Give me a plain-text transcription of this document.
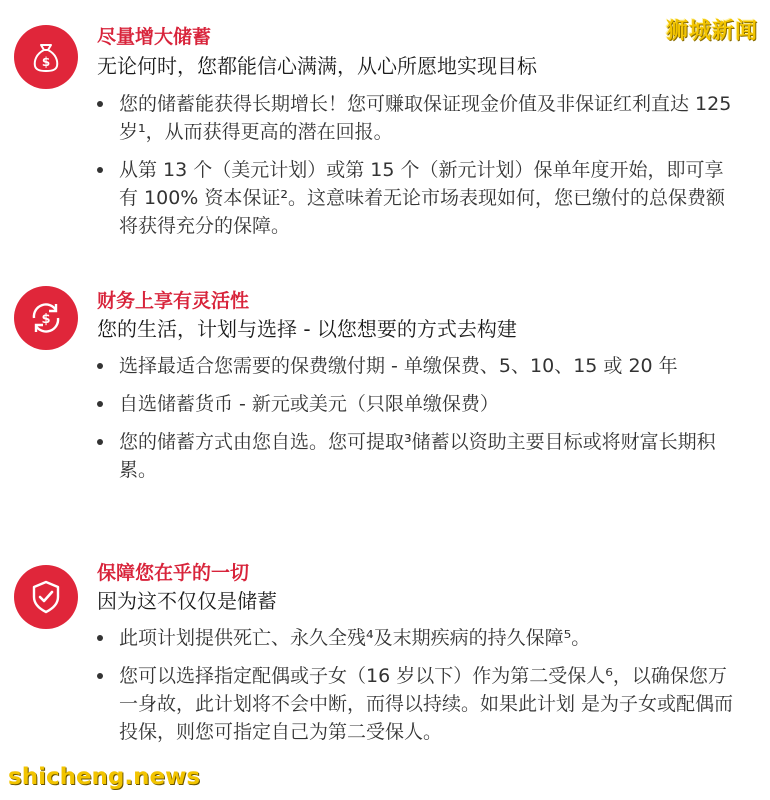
狮城新闻
$
尽量增大储蓄
无论何时，您都能信心满满，从心所愿地实现目标
您的储蓄能获得长期增长！您可赚取保证现金价值及非保证红利直达 125 岁¹，从而获得更高的潜在回报。
从第 13 个（美元计划）或第 15 个（新元计划）保单年度开始，即可享有 100% 资本保证²。这意味着无论市场表现如何，您已缴付的总保费额将获得充分的保障。
$
财务上享有灵活性
您的生活，计划与选择 - 以您想要的方式去构建
选择最适合您需要的保费缴付期 - 单缴保费、5、10、15 或 20 年
自选储蓄货币 - 新元或美元（只限单缴保费）
您的储蓄方式由您自选。您可提取³储蓄以资助主要目标或将财富长期积累。
保障您在乎的一切
因为这不仅仅是储蓄
此项计划提供死亡、永久全残⁴及末期疾病的持久保障⁵。
您可以选择指定配偶或子女（16 岁以下）作为第二受保人⁶，以确保您万一身故，此计划将不会中断，而得以持续。如果此计划 是为子女或配偶而投保，则您可指定自己为第二受保人。
shicheng.news
